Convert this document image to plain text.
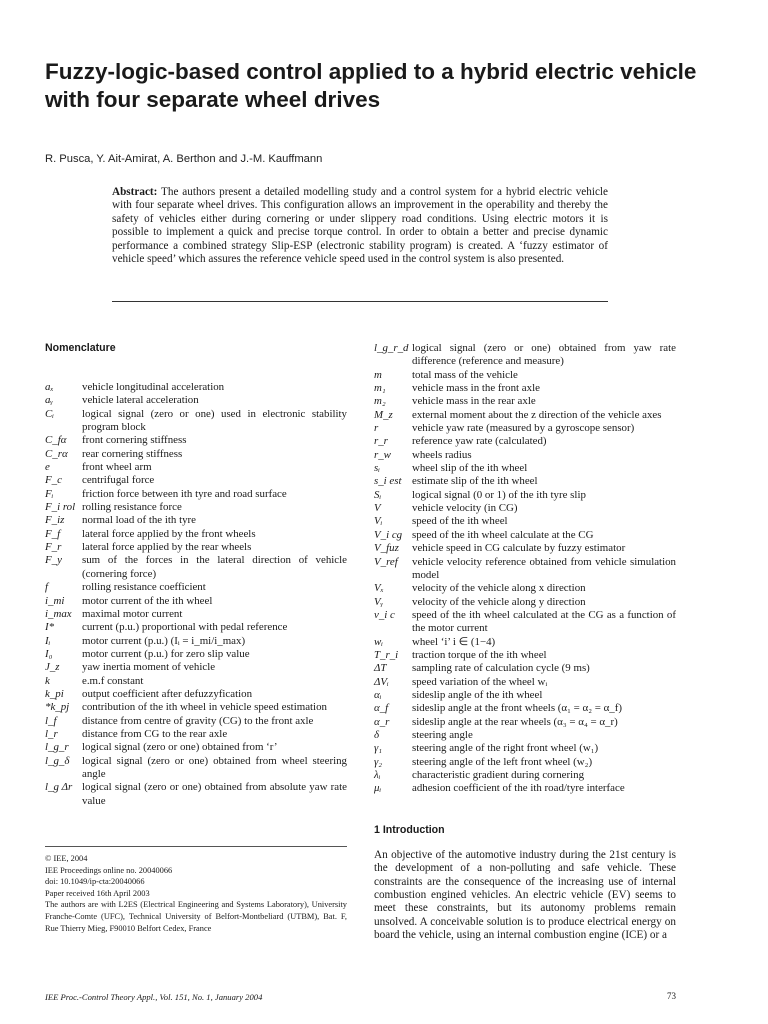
Fuzzy-logic-based control applied to a hybrid electric vehicle with four separate wheel drives
R. Pusca, Y. Ait-Amirat, A. Berthon and J.-M. Kauffmann
Abstract: The authors present a detailed modelling study and a control system for a hybrid electric vehicle with four separate wheel drives. This configuration allows an improvement in the operability and thereby the safety of vehicles either during cornering or under slippery road conditions. Using electric motors it is possible to implement a quick and precise torque control. In order to obtain a better and precise dynamic performance a combined strategy Slip-ESP (electronic stability program) is created. A ‘fuzzy estimator of vehicle speed’ which assures the reference vehicle speed used in the control system is also presented.
Nomenclature
aₓ	vehicle longitudinal acceleration
aᵧ	vehicle lateral acceleration
Cᵢ	logical signal (zero or one) used in electronic stability program block
C_fα	front cornering stiffness
C_rα	rear cornering stiffness
e	front wheel arm
F_c	centrifugal force
Fᵢ	friction force between ith tyre and road surface
F_i rol	rolling resistance force
F_iz	normal load of the ith tyre
F_f	lateral force applied by the front wheels
F_r	lateral force applied by the rear wheels
F_y	sum of the forces in the lateral direction of vehicle (cornering force)
f	rolling resistance coefficient
i_mi	motor current of the ith wheel
i_max	maximal motor current
I*	current (p.u.) proportional with pedal reference
Iᵢ	motor current (p.u.) (Iᵢ = i_mi/i_max)
I₀	motor current (p.u.) for zero slip value
J_z	yaw inertia moment of vehicle
k	e.m.f constant
k_pi	output coefficient after defuzzyfication
*k_pj	contribution of the ith wheel in vehicle speed estimation
l_f	distance from centre of gravity (CG) to the front axle
l_r	distance from CG to the rear axle
l_g_r	logical signal (zero or one) obtained from ‘r’
l_g_δ	logical signal (zero or one) obtained from wheel steering angle
l_g Δr	logical signal (zero or one) obtained from absolute yaw rate value
l_g_r_d	logical signal (zero or one) obtained from yaw rate difference (reference and measure)
m	total mass of the vehicle
m₁	vehicle mass in the front axle
m₂	vehicle mass in the rear axle
M_z	external moment about the z direction of the vehicle axes
r	vehicle yaw rate (measured by a gyroscope sensor)
r_r	reference yaw rate (calculated)
r_w	wheels radius
sᵢ	wheel slip of the ith wheel
s_i est	estimate slip of the ith wheel
Sᵢ	logical signal (0 or 1) of the ith tyre slip
V	vehicle velocity (in CG)
Vᵢ	speed of the ith wheel
V_i cg	speed of the ith wheel calculate at the CG
V_fuz	vehicle speed in CG calculate by fuzzy estimator
V_ref	vehicle velocity reference obtained from vehicle simulation model
Vₓ	velocity of the vehicle along x direction
Vᵧ	velocity of the vehicle along y direction
v_i c	speed of the ith wheel calculated at the CG as a function of the motor current
wᵢ	wheel ‘i’ i ∈ (1−4)
T_r_i	traction torque of the ith wheel
ΔT	sampling rate of calculation cycle (9 ms)
ΔVᵢ	speed variation of the wheel wᵢ
αᵢ	sideslip angle of the ith wheel
α_f	sideslip angle at the front wheels (α₁ = α₂ = α_f)
α_r	sideslip angle at the rear wheels (α₃ = α₄ = α_r)
δ	steering angle
γ₁	steering angle of the right front wheel (w₁)
γ₂	steering angle of the left front wheel (w₂)
λᵢ	characteristic gradient during cornering
μᵢ	adhesion coefficient of the ith road/tyre interface
© IEE, 2004
IEE Proceedings online no. 20040066
doi: 10.1049/ip-cta:20040066
Paper received 16th April 2003
The authors are with L2ES (Electrical Engineering and Systems Laboratory), University Franche-Comte (UFC), Technical University of Belfort-Montbeliard (UTBM), Bat. F, Rue Thierry Mieg, F90010 Belfort Cedex, France
1 Introduction
An objective of the automotive industry during the 21st century is the development of a non-polluting and safe vehicle. These constraints are the consequence of the increasing use of internal combustion engined vehicles. An electric vehicle (EV) seems to meet these constraints, but its autonomy problems remain unsolved. A conceivable solution is to produce electrical energy on board the vehicle, using an internal combustion engine (ICE) or a
IEE Proc.-Control Theory Appl., Vol. 151, No. 1, January 2004	73
